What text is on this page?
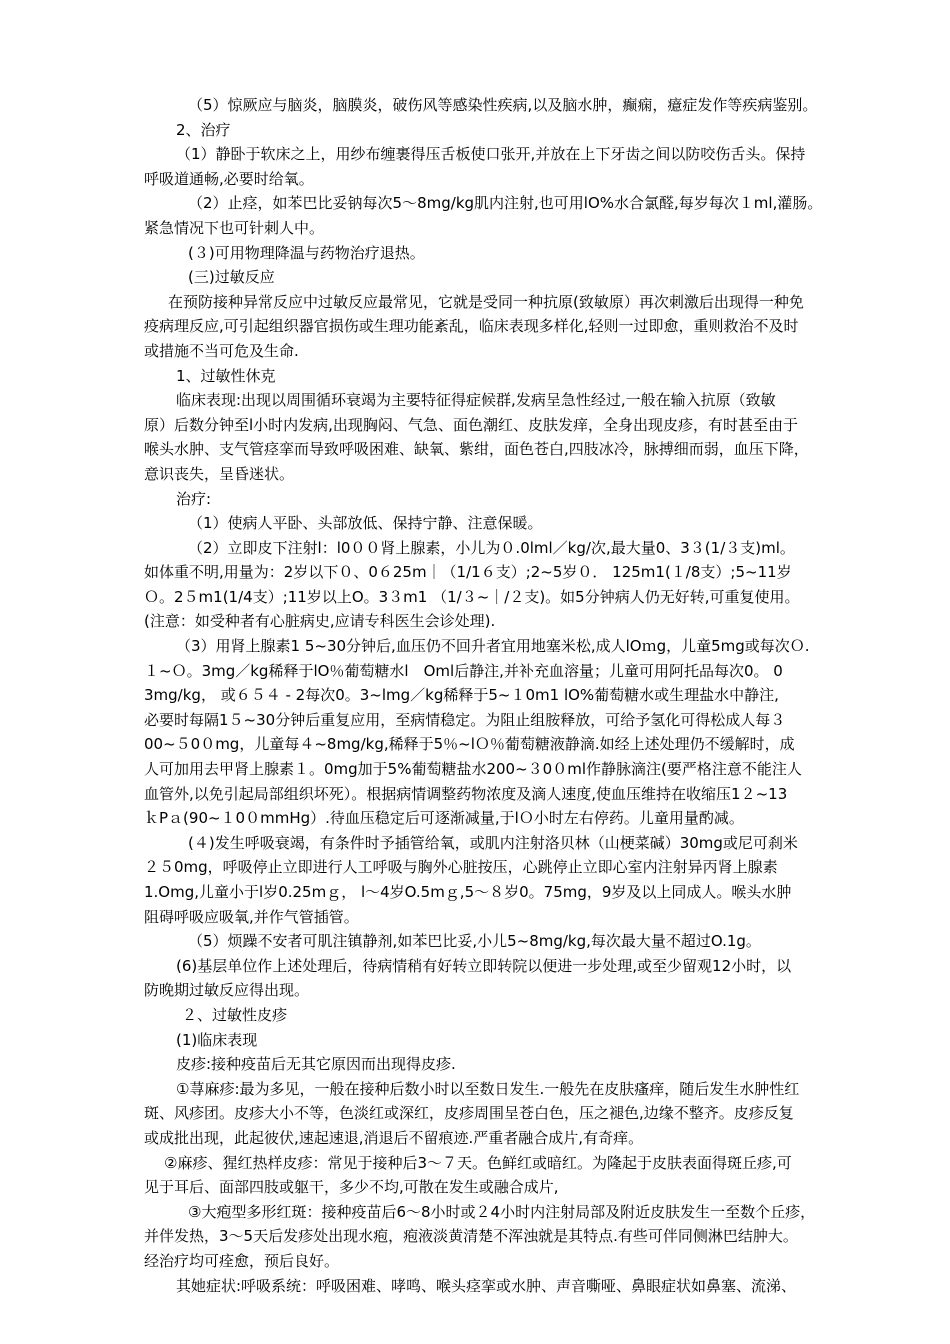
（5）惊厥应与脑炎，脑膜炎，破伤风等感染性疾病,以及脑水肿，癫痫，癔症发作等疾病鉴别。
2、治疗
（1）静卧于软床之上，用纱布缠裹得压舌板使口张开,并放在上下牙齿之间以防咬伤舌头。保持
呼吸道通畅,必要时给氧。
（2）止痉，如苯巴比妥钠每次5～8mg/kg肌内注射,也可用lO%水合氯醛,每岁每次１ml,灌肠。
紧急情况下也可针刺人中。
(３)可用物理降温与药物治疗退热。
(三)过敏反应
在预防接种异常反应中过敏反应最常见，它就是受同一种抗原(致敏原）再次刺激后出现得一种免
疫病理反应,可引起组织器官损伤或生理功能紊乱，临床表现多样化,轻则一过即愈，重则救治不及时
或措施不当可危及生命.
1、过敏性休克
临床表现:出现以周围循环衰竭为主要特征得症候群,发病呈急性经过,一般在输入抗原（致敏
原）后数分钟至l小时内发病,出现胸闷、气急、面色潮红、皮肤发痒，全身出现皮疹，有时甚至由于
喉头水肿、支气管痉挛而导致呼吸困难、缺氧、紫绀，面色苍白,四肢冰冷，脉搏细而弱，血压下降，
意识丧失，呈昏迷状。
治疗:
（1）使病人平卧、头部放低、保持宁静、注意保暖。
（2）立即皮下注射l：l0００肾上腺素，小儿为０.0lml／kg/次,最大量0、3３(1/３支)ml。
如体重不明,用量为：2岁以下０、0６25m｜（1/1６支）;2~5岁０． 125m1(１/8支）;5~11岁
Ｏ。2５m1(1/4支）;11岁以上O。3３m1 （1/３~｜/２支)。如5分钟病人仍无好转,可重复使用。
(注意：如受种者有心脏病史,应请专科医生会诊处理).
（3）用肾上腺素1 5~30分钟后,血压仍不回升者宜用地塞米松,成人lOｍg，儿童5mg或每次Ｏ.
１~Ｏ。3mg／kg稀释于lO％葡萄糖水l　Oml后静注,并补充血溶量；儿童可用阿托品每次0。 0
3mg/kg， 或６５４ - 2每次0。3~lmg／kg稀释于5~１0m1 lO%葡萄糖水或生理盐水中静注,
必要时每隔1５~30分钟后重复应用，至病情稳定。为阻止组胺释放，可给予氢化可得松成人每３
00~５0０mg，儿童每４~8mg/kg,稀释于5％~lＯ％葡萄糖液静滴.如经上述处理仍不缓解时，成
人可加用去甲肾上腺素１。0mg加于5%葡萄糖盐水200~３0０ml作静脉滴注(要严格注意不能注人
血管外,以免引起局部组织坏死）。根据病情调整药物浓度及滴人速度,使血压维持在收缩压1２~13
ｋPａ(90~１0０mmHg）.待血压稳定后可逐渐减量,于lＯ小时左右停药。儿童用量酌减。
(４)发生呼吸衰竭，有条件时予插管给氧，或肌内注射洛贝林（山梗菜碱）30mg或尼可刹米
２５0mg，呼吸停止立即进行人工呼吸与胸外心脏按压，心跳停止立即心室内注射异丙肾上腺素
1.Omg,儿童小于l岁0.25mｇ， l～4岁O.5mｇ,5～８岁0。75mg，9岁及以上同成人。喉头水肿
阻碍呼吸应吸氧,并作气管插管。
（5）烦躁不安者可肌注镇静剂,如苯巴比妥,小儿5~8mg/kg,每次最大量不超过O.1g。
(6)基层单位作上述处理后，待病情稍有好转立即转院以便进一步处理,或至少留观12小时，以
防晚期过敏反应得出现。
２、过敏性皮疹
(1)临床表现
皮疹:接种疫苗后无其它原因而出现得皮疹.
①荨麻疹:最为多见，一般在接种后数小时以至数日发生.一般先在皮肤瘙痒，随后发生水肿性红
斑、风疹团。皮疹大小不等，色淡红或深红，皮疹周围呈苍白色，压之褪色,边缘不整齐。皮疹反复
或成批出现，此起彼伏,速起速退,消退后不留痕迹.严重者融合成片,有奇痒。
②麻疹、猩红热样皮疹：常见于接种后3～７天。色鲜红或暗红。为隆起于皮肤表面得斑丘疹,可
见于耳后、面部四肢或躯干，多少不均,可散在发生或融合成片,
③大疱型多形红斑：接种疫苗后6～8小时或２4小时内注射局部及附近皮肤发生一至数个丘疹，
并伴发热，3～5天后发疹处出现水疱，疱液淡黄清楚不浑浊就是其特点.有些可伴同侧淋巴结肿大。
经治疗均可痊愈，预后良好。
其她症状:呼吸系统：呼吸困难、哮鸣、喉头痉挛或水肿、声音嘶哑、鼻眼症状如鼻塞、流涕、
